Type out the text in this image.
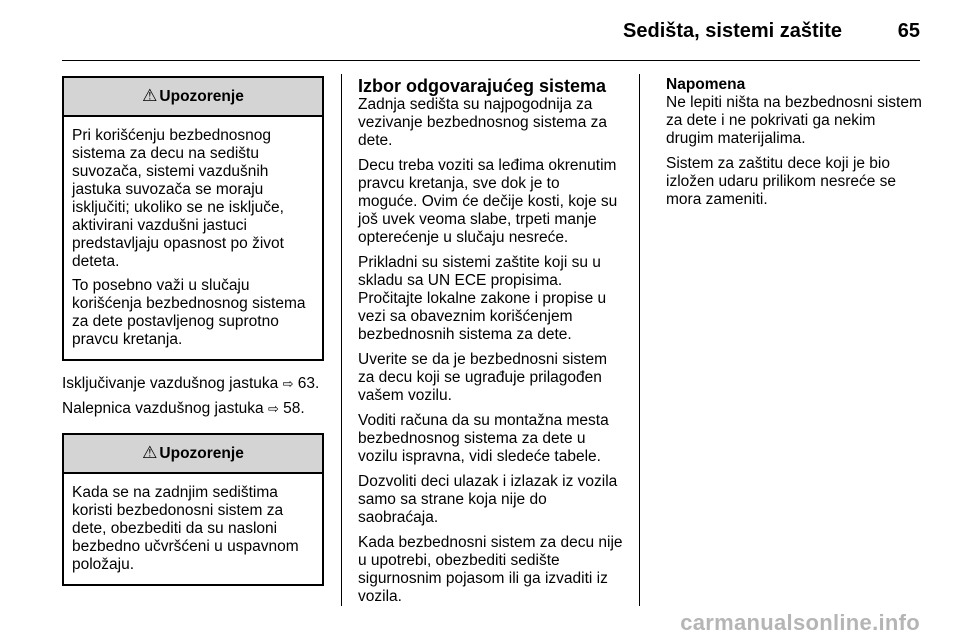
Sedišta, sistemi zaštite	65
⚠ Upozorenje

Pri korišćenju bezbednosnog sistema za decu na sedištu suvozača, sistemi vazdušnih jastuka suvozača se moraju isključiti; ukoliko se ne isključe, aktivirani vazdušni jastuci predstavljaju opasnost po život deteta.

To posebno važi u slučaju korišćenja bezbednosnog sistema za dete postavljenog suprotno pravcu kretanja.

Isključivanje vazdušnog jastuka ⇨ 63.

Nalepnica vazdušnog jastuka ⇨ 58.

⚠ Upozorenje

Kada se na zadnjim sedištima koristi bezbedonosni sistem za dete, obezbediti da su nasloni bezbedno učvršćeni u uspavnom položaju.

Izbor odgovarajućeg sistema

Zadnja sedišta su najpogodnija za vezivanje bezbednosnog sistema za dete.

Decu treba voziti sa leđima okrenutim pravcu kretanja, sve dok je to moguće. Ovim će dečije kosti, koje su još uvek veoma slabe, trpeti manje opterećenje u slučaju nesreće.

Prikladni su sistemi zaštite koji su u skladu sa UN ECE propisima. Pročitajte lokalne zakone i propise u vezi sa obaveznim korišćenjem bezbednosnih sistema za dete.

Uverite se da je bezbednosni sistem za decu koji se ugrađuje prilagođen vašem vozilu.

Voditi računa da su montažna mesta bezbednosnog sistema za dete u vozilu ispravna, vidi sledeće tabele.

Dozvoliti deci ulazak i izlazak iz vozila samo sa strane koja nije do saobraćaja.

Kada bezbednosni sistem za decu nije u upotrebi, obezbediti sedište sigurnosnim pojasom ili ga izvaditi iz vozila.

Napomena

Ne lepiti ništa na bezbednosni sistem za dete i ne pokrivati ga nekim drugim materijalima.

Sistem za zaštitu dece koji je bio izložen udaru prilikom nesreće se mora zameniti.

carmanualsonline.info
